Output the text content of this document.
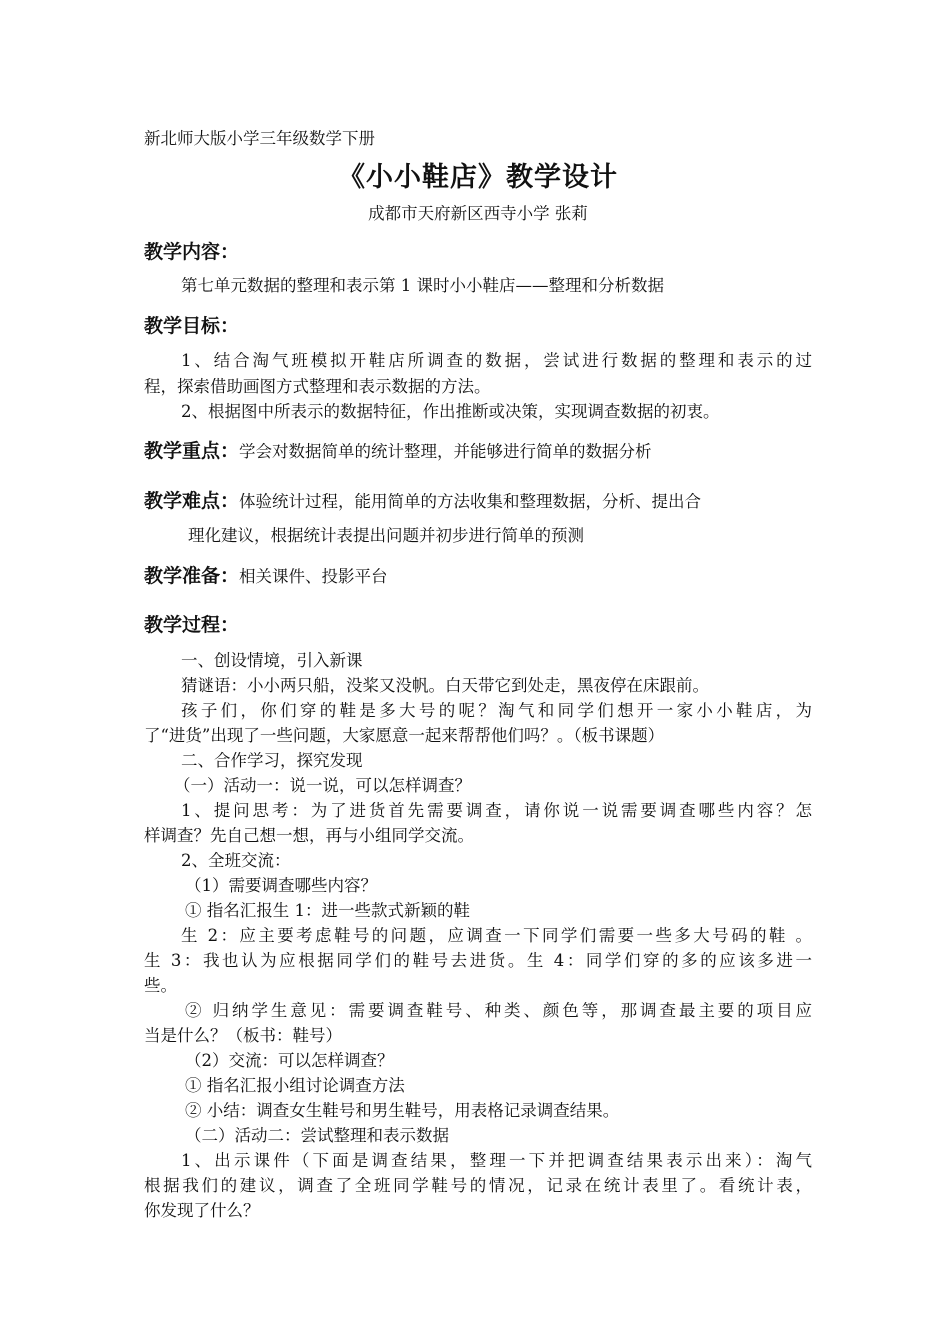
新北师大版小学三年级数学下册
《小小鞋店》教学设计
成都市天府新区西寺小学 张莉
教学内容：
第七单元数据的整理和表示第 1 课时小小鞋店——整理和分析数据
教学目标：
1、结合淘气班模拟开鞋店所调查的数据，尝试进行数据的整理和表示的过
程，探索借助画图方式整理和表示数据的方法。
2、根据图中所表示的数据特征，作出推断或决策，实现调查数据的初衷。
教学重点：学会对数据简单的统计整理，并能够进行简单的数据分析
教学难点：体验统计过程，能用简单的方法收集和整理数据，分析、提出合
理化建议，根据统计表提出问题并初步进行简单的预测
教学准备：相关课件、投影平台
教学过程：
一、创设情境，引入新课
猜谜语：小小两只船，没桨又没帆。白天带它到处走，黑夜停在床跟前。
孩子们，你们穿的鞋是多大号的呢？淘气和同学们想开一家小小鞋店，为
了“进货”出现了一些问题，大家愿意一起来帮帮他们吗？。（板书课题）
二、合作学习，探究发现
（一）活动一：说一说，可以怎样调查？
1、提问思考：为了进货首先需要调查，请你说一说需要调查哪些内容？怎
样调查？先自己想一想，再与小组同学交流。
2、全班交流：
（1）需要调查哪些内容？
① 指名汇报生 1：进一些款式新颖的鞋
生 2：应主要考虑鞋号的问题，应调查一下同学们需要一些多大号码的鞋 。
生 3：我也认为应根据同学们的鞋号去进货。生 4：同学们穿的多的应该多进一
些。
② 归纳学生意见：需要调查鞋号、种类、颜色等，那调查最主要的项目应
当是什么？（板书：鞋号）
（2）交流：可以怎样调查？
① 指名汇报小组讨论调查方法
② 小结：调查女生鞋号和男生鞋号，用表格记录调查结果。
（二）活动二：尝试整理和表示数据
1、出示课件（下面是调查结果，整理一下并把调查结果表示出来）：淘气
根据我们的建议，调查了全班同学鞋号的情况，记录在统计表里了。看统计表，
你发现了什么？
